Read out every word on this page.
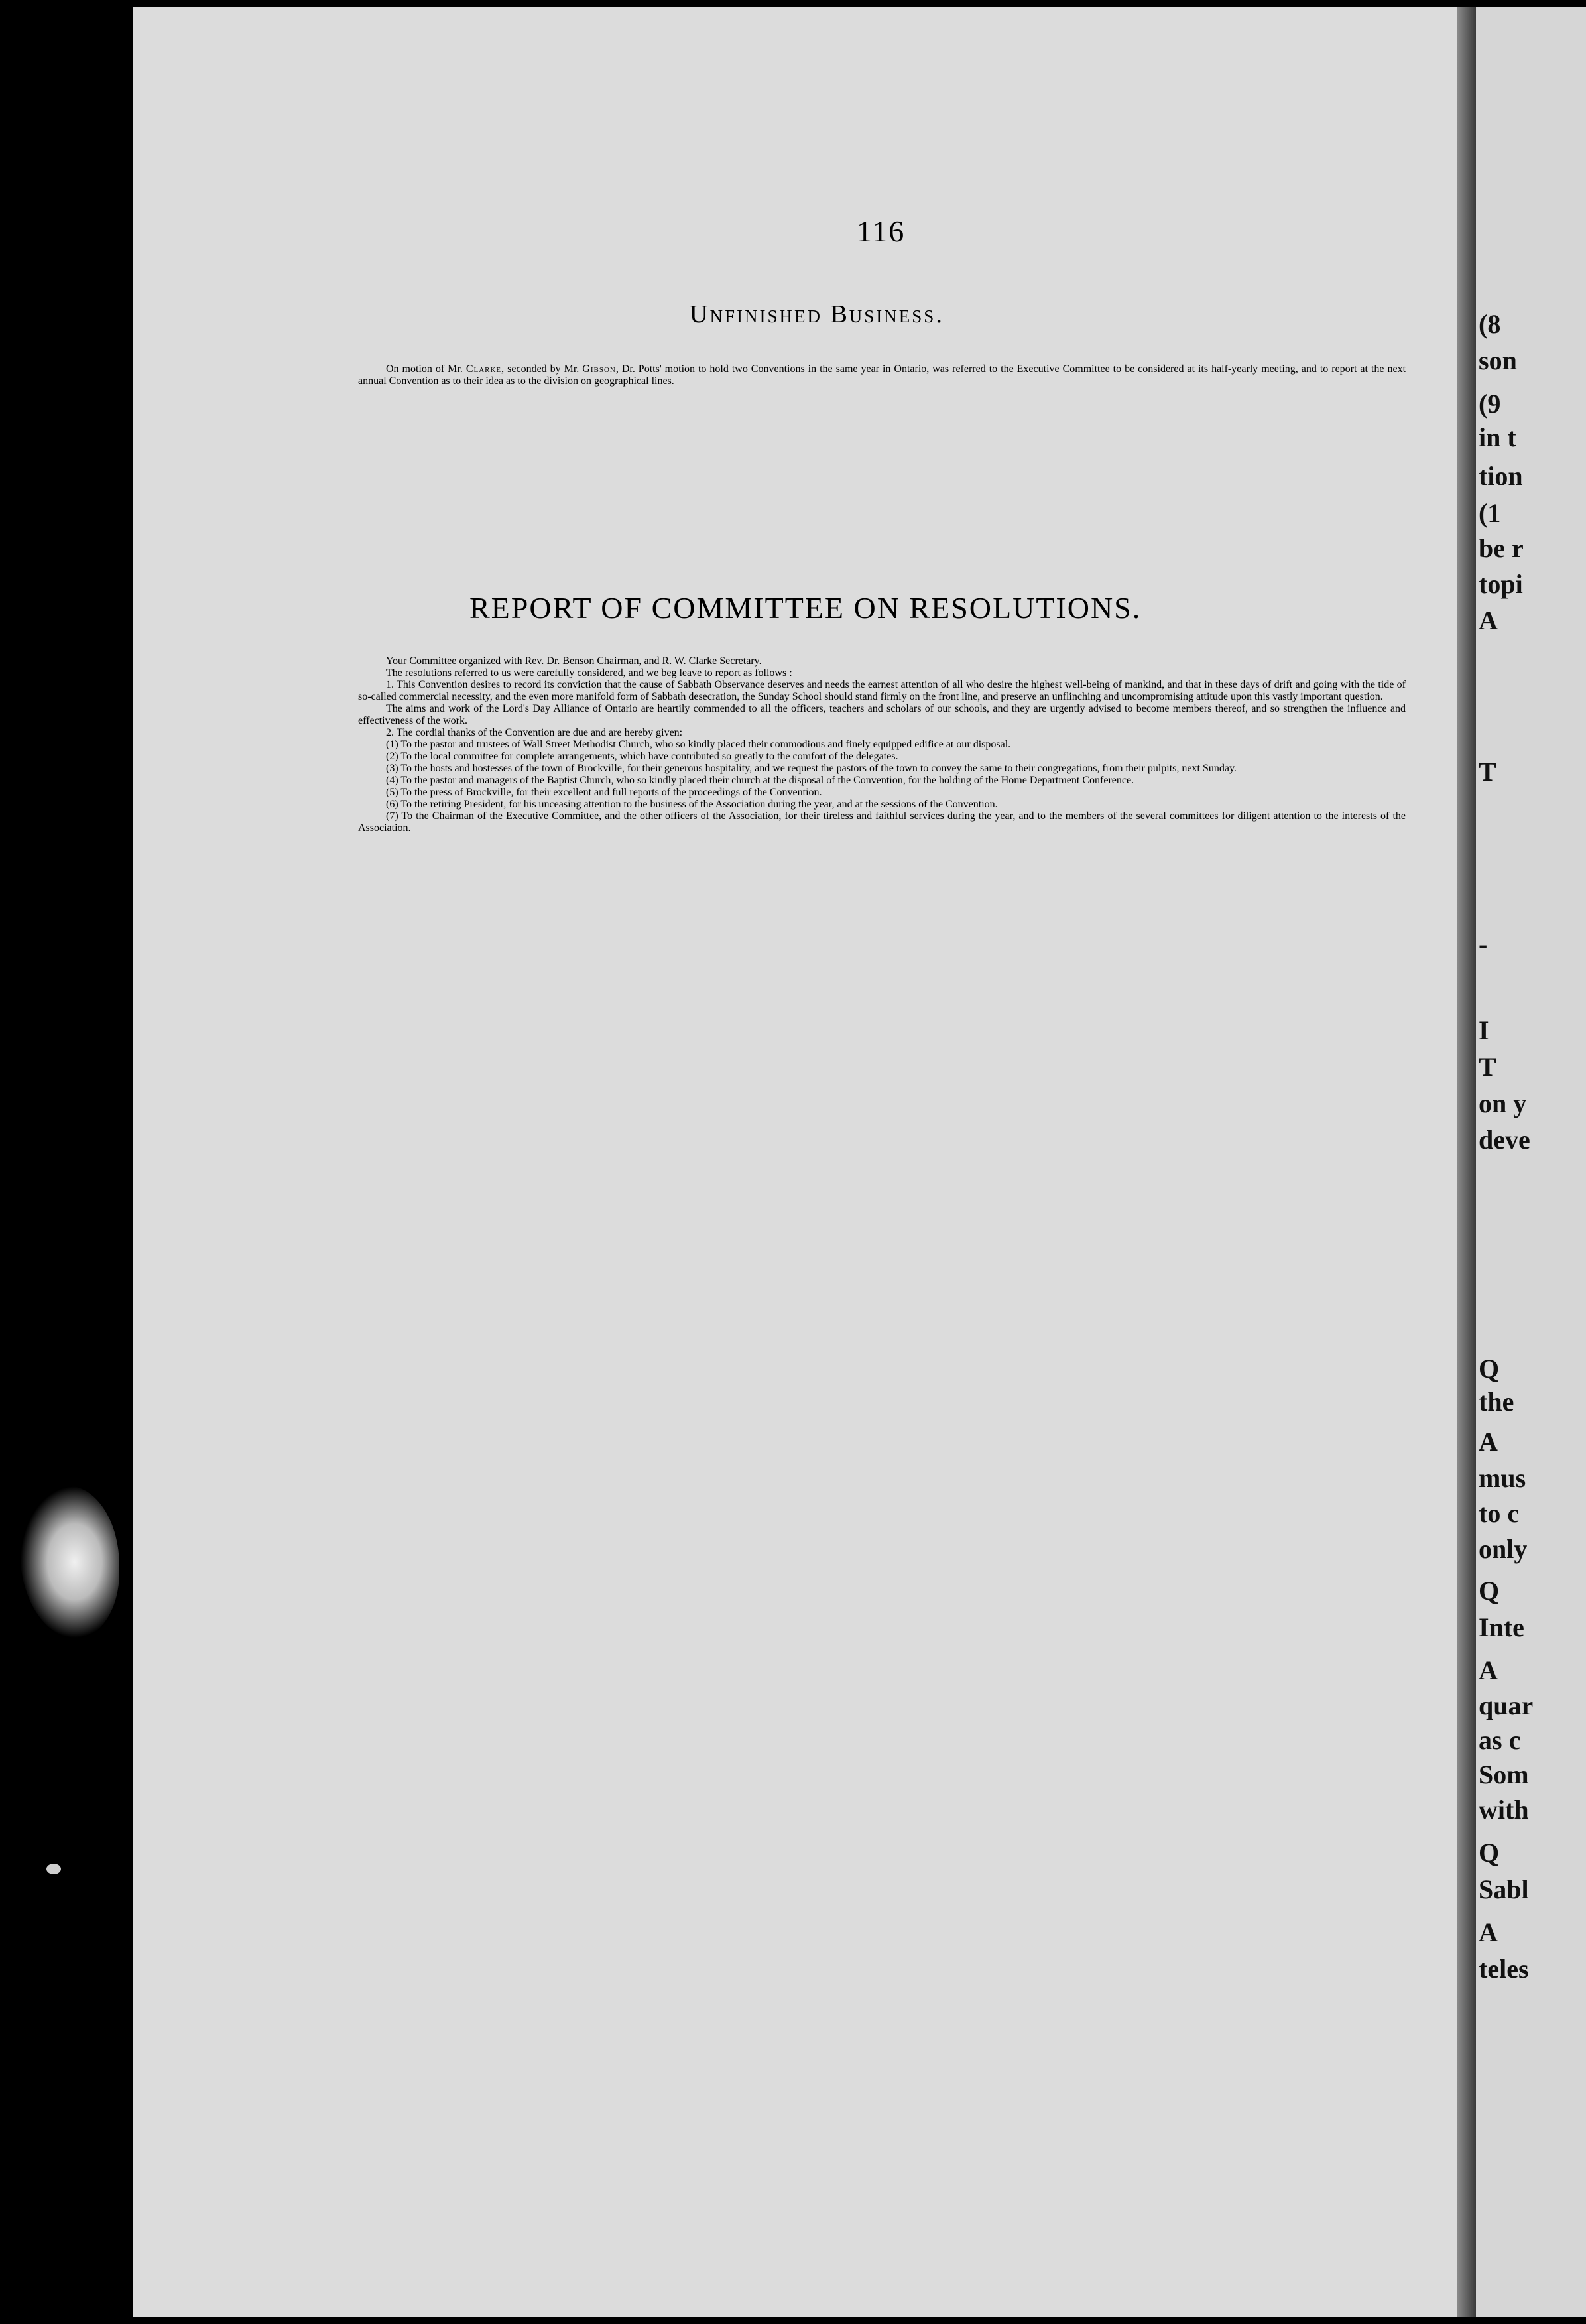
(8
son
(9
in t
tion
(1
be r
topi
A
T
-
I
T
on y
deve
Q
the
A
mus
to c
only
Q
Inte
A
quar
as c
Som
with
Q
Sabl
A
teles
116
Unfinished Business.

On motion of Mr. Clarke, seconded by Mr. Gibson, Dr. Potts' motion to hold two Conventions in the same year in Ontario, was referred to the Executive Committee to be considered at its half-yearly meeting, and to report at the next annual Convention as to their idea as to the division on geographical lines.

REPORT OF COMMITTEE ON RESOLUTIONS.

Your Committee organized with Rev. Dr. Benson Chairman, and R. W. Clarke Secretary.

The resolutions referred to us were carefully considered, and we beg leave to report as follows :

1. This Convention desires to record its conviction that the cause of Sabbath Observance deserves and needs the earnest attention of all who desire the highest well-being of mankind, and that in these days of drift and going with the tide of so-called commercial necessity, and the even more manifold form of Sabbath desecration, the Sunday School should stand firmly on the front line, and preserve an unflinching and uncompromising attitude upon this vastly important question.

The aims and work of the Lord's Day Alliance of Ontario are heartily commended to all the officers, teachers and scholars of our schools, and they are urgently advised to become members thereof, and so strengthen the influence and effectiveness of the work.

2. The cordial thanks of the Convention are due and are hereby given:

(1) To the pastor and trustees of Wall Street Methodist Church, who so kindly placed their commodious and finely equipped edifice at our disposal.

(2) To the local committee for complete arrangements, which have contributed so greatly to the comfort of the delegates.

(3) To the hosts and hostesses of the town of Brockville, for their generous hospitality, and we request the pastors of the town to convey the same to their congregations, from their pulpits, next Sunday.

(4) To the pastor and managers of the Baptist Church, who so kindly placed their church at the disposal of the Convention, for the holding of the Home Department Conference.

(5) To the press of Brockville, for their excellent and full reports of the proceedings of the Convention.

(6) To the retiring President, for his unceasing attention to the business of the Association during the year, and at the sessions of the Convention.

(7) To the Chairman of the Executive Committee, and the other officers of the Association, for their tireless and faithful services during the year, and to the members of the several committees for diligent attention to the interests of the Association.
